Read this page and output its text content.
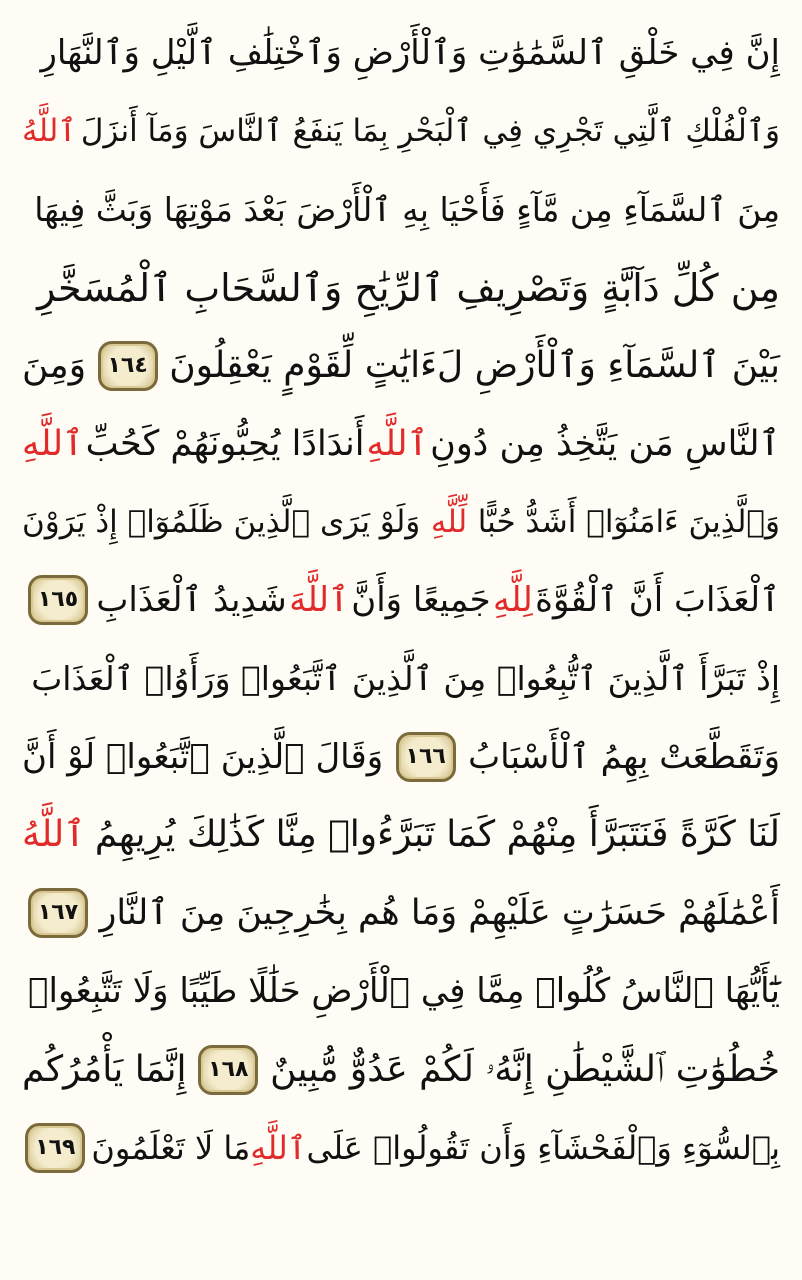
إِنَّ فِي خَلْقِ ٱلسَّمَٰوَٰتِ وَٱلْأَرْضِ وَٱخْتِلَٰفِ ٱلَّيْلِ وَٱلنَّهَارِ
وَٱلْفُلْكِ ٱلَّتِي تَجْرِي فِي ٱلْبَحْرِ بِمَا يَنفَعُ ٱلنَّاسَ وَمَآ أَنزَلَ
ٱللَّهُ
مِنَ ٱلسَّمَآءِ مِن مَّآءٍ فَأَحْيَا بِهِ ٱلْأَرْضَ بَعْدَ مَوْتِهَا وَبَثَّ فِيهَا
مِن كُلِّ دَآبَّةٍ وَتَصْرِيفِ ٱلرِّيَٰحِ وَٱلسَّحَابِ ٱلْمُسَخَّرِ
بَيْنَ ٱلسَّمَآءِ وَٱلْأَرْضِ لَءَايَٰتٍ لِّقَوْمٍ يَعْقِلُونَ
١٦٤
وَمِنَ
ٱلنَّاسِ مَن يَتَّخِذُ مِن دُونِ
ٱللَّهِ
أَندَادًا يُحِبُّونَهُمْ كَحُبِّ
ٱللَّهِ
وَٱلَّذِينَ ءَامَنُوٓا۟ أَشَدُّ حُبًّا
لِّلَّهِ
وَلَوْ يَرَى ٱلَّذِينَ ظَلَمُوٓا۟ إِذْ يَرَوْنَ
ٱلْعَذَابَ أَنَّ ٱلْقُوَّةَ
لِلَّهِ
جَمِيعًا وَأَنَّ
ٱللَّهَ
شَدِيدُ ٱلْعَذَابِ
١٦٥
إِذْ تَبَرَّأَ ٱلَّذِينَ ٱتُّبِعُوا۟ مِنَ ٱلَّذِينَ ٱتَّبَعُوا۟ وَرَأَوُا۟ ٱلْعَذَابَ
وَتَقَطَّعَتْ بِهِمُ ٱلْأَسْبَابُ
١٦٦
وَقَالَ ٱلَّذِينَ ٱتَّبَعُوا۟ لَوْ أَنَّ
لَنَا كَرَّةً فَنَتَبَرَّأَ مِنْهُمْ كَمَا تَبَرَّءُوا۟ مِنَّا كَذَٰلِكَ يُرِيهِمُ
ٱللَّهُ
أَعْمَٰلَهُمْ حَسَرَٰتٍ عَلَيْهِمْ وَمَا هُم بِخَٰرِجِينَ مِنَ ٱلنَّارِ
١٦٧
يَٰٓأَيُّهَا ٱلنَّاسُ كُلُوا۟ مِمَّا فِي ٱلْأَرْضِ حَلَٰلًا طَيِّبًا وَلَا تَتَّبِعُوا۟
خُطُوَٰتِ ٱلشَّيْطَٰنِ إِنَّهُۥ لَكُمْ عَدُوٌّ مُّبِينٌ
١٦٨
إِنَّمَا يَأْمُرُكُم
بِٱلسُّوٓءِ وَٱلْفَحْشَآءِ وَأَن تَقُولُوا۟ عَلَى
ٱللَّهِ
مَا لَا تَعْلَمُونَ
١٦٩
